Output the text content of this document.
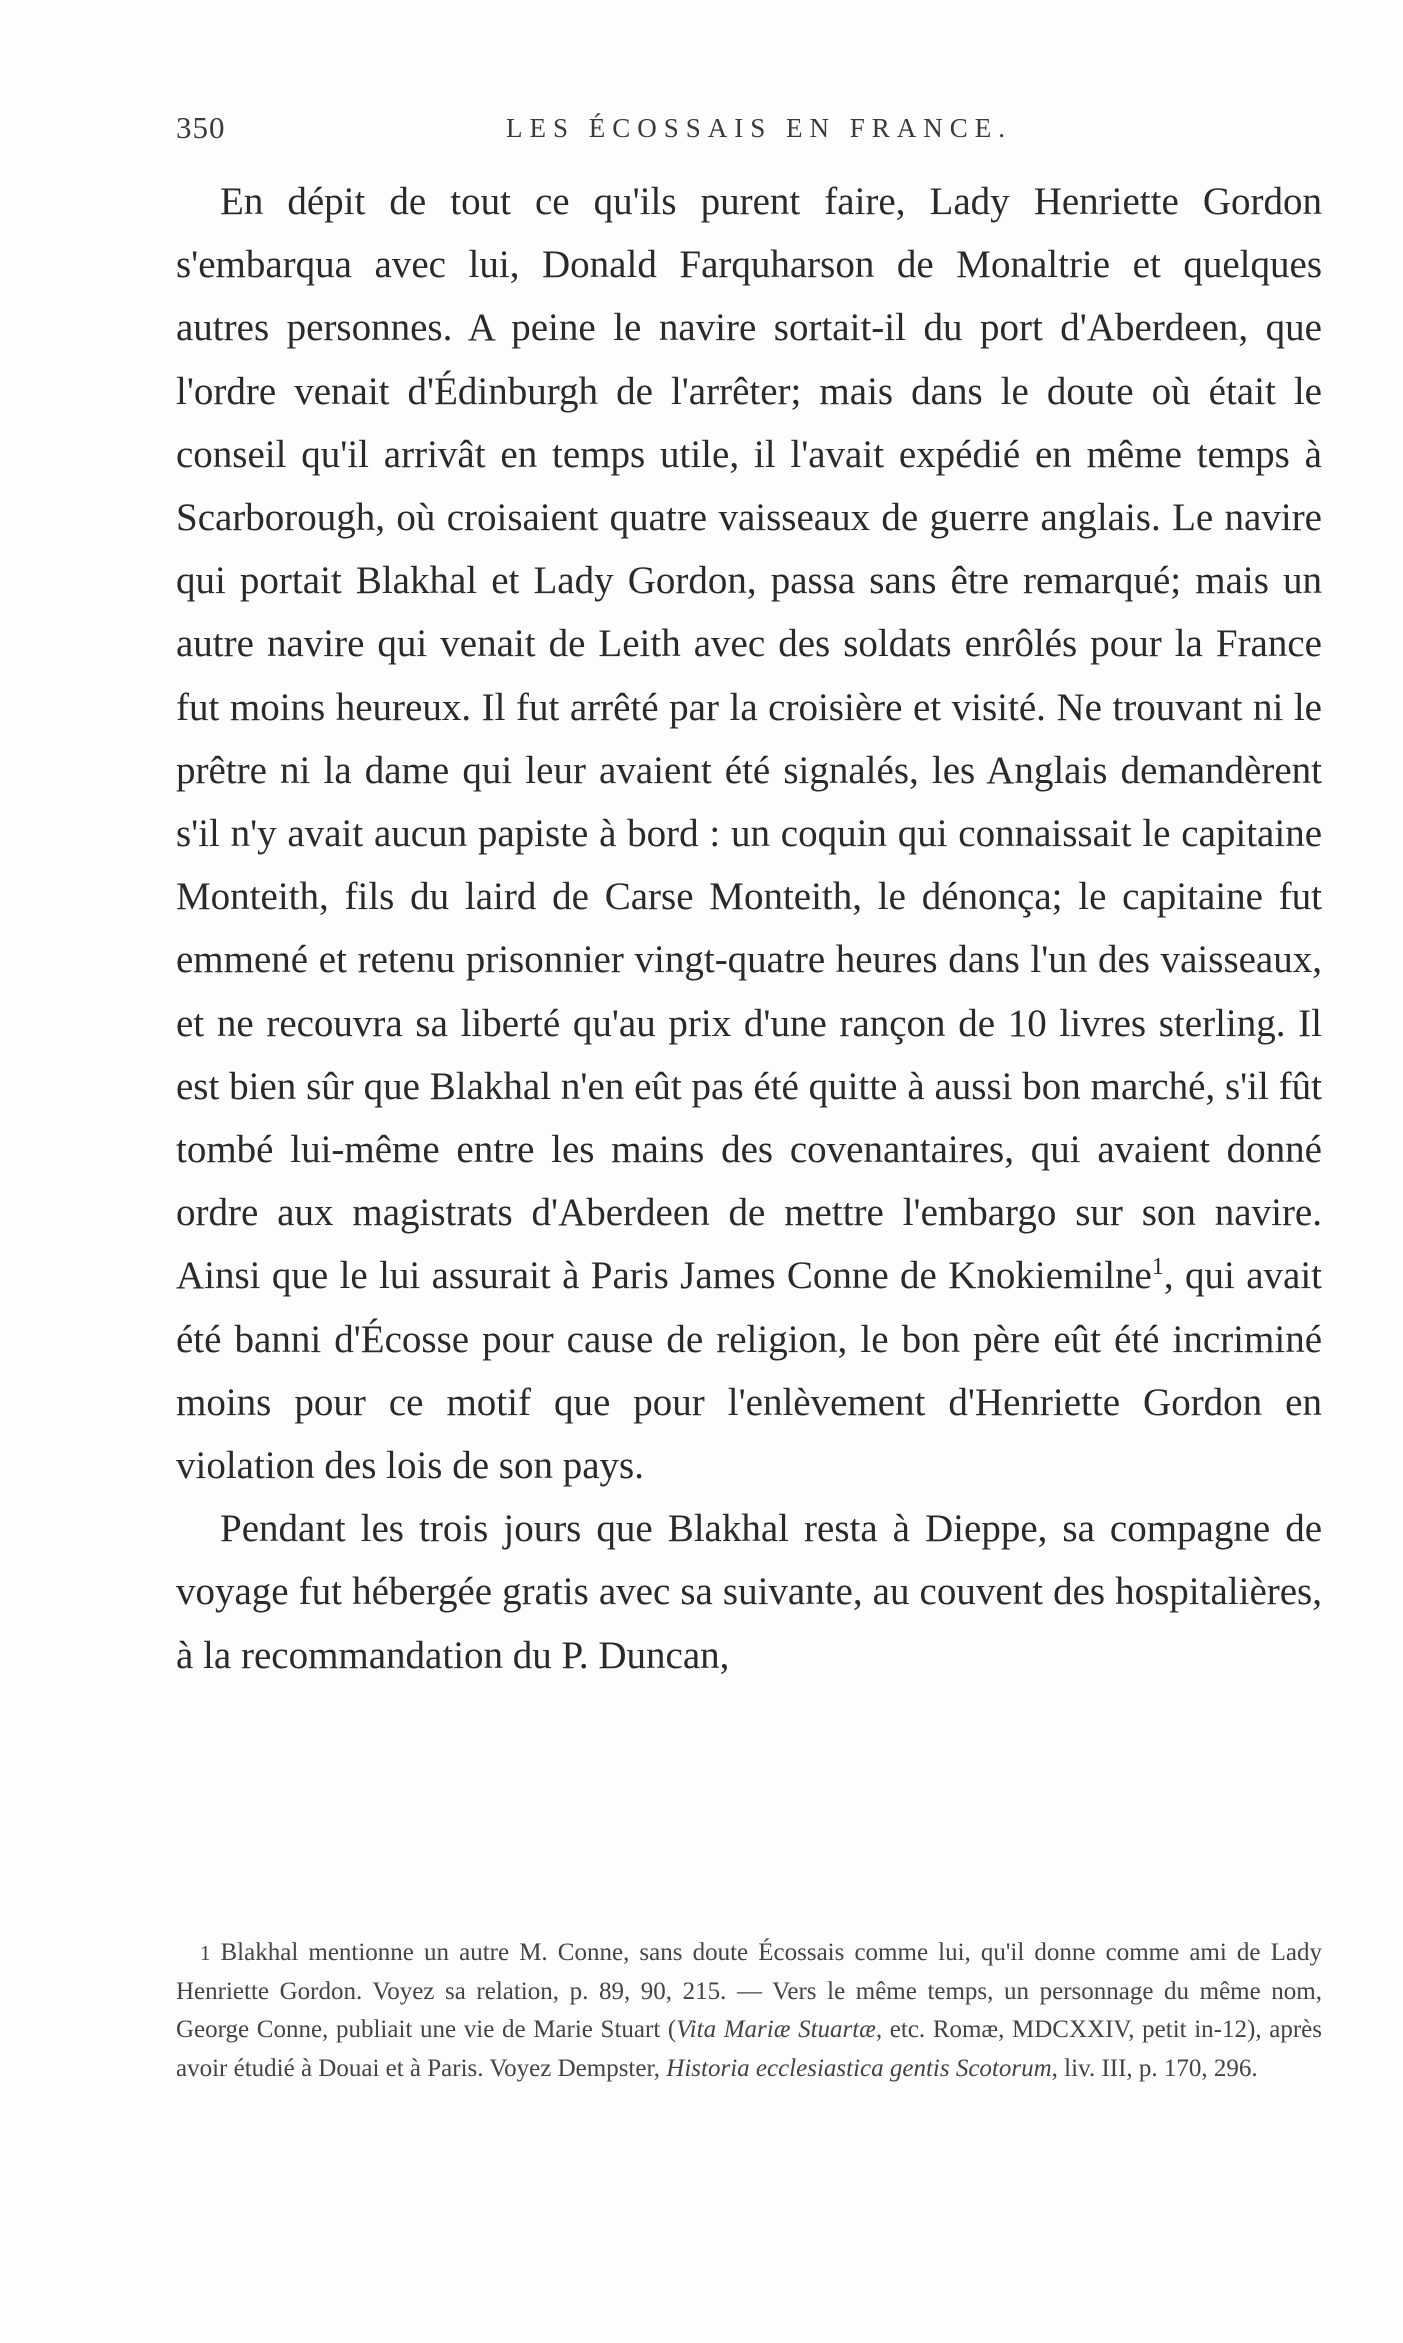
350	LES ÉCOSSAIS EN FRANCE.

En dépit de tout ce qu'ils purent faire, Lady Henriette Gordon s'embarqua avec lui, Donald Farquharson de Monaltrie et quelques autres personnes. A peine le navire sortait-il du port d'Aberdeen, que l'ordre venait d'Édinburgh de l'arrêter; mais dans le doute où était le conseil qu'il arrivât en temps utile, il l'avait expédié en même temps à Scarborough, où croisaient quatre vaisseaux de guerre anglais. Le navire qui portait Blakhal et Lady Gordon, passa sans être remarqué; mais un autre navire qui venait de Leith avec des soldats enrôlés pour la France fut moins heureux. Il fut arrêté par la croisière et visité. Ne trouvant ni le prêtre ni la dame qui leur avaient été signalés, les Anglais demandèrent s'il n'y avait aucun papiste à bord : un coquin qui connaissait le capitaine Monteith, fils du laird de Carse Monteith, le dénonça; le capitaine fut emmené et retenu prisonnier vingt-quatre heures dans l'un des vaisseaux, et ne recouvra sa liberté qu'au prix d'une rançon de 10 livres sterling. Il est bien sûr que Blakhal n'en eût pas été quitte à aussi bon marché, s'il fût tombé lui-même entre les mains des covenantaires, qui avaient donné ordre aux magistrats d'Aberdeen de mettre l'embargo sur son navire. Ainsi que le lui assurait à Paris James Conne de Knokiemilne$^1$, qui avait été banni d'Écosse pour cause de religion, le bon père eût été incriminé moins pour ce motif que pour l'enlèvement d'Henriette Gordon en violation des lois de son pays.

Pendant les trois jours que Blakhal resta à Dieppe, sa compagne de voyage fut hébergée gratis avec sa suivante, au couvent des hospitalières, à la recommandation du P. Duncan,

1 Blakhal mentionne un autre M. Conne, sans doute Écossais comme lui, qu'il donne comme ami de Lady Henriette Gordon. Voyez sa relation, p. 89, 90, 215. — Vers le même temps, un personnage du même nom, George Conne, publiait une vie de Marie Stuart (Vita Mariæ Stuartæ, etc. Romæ, MDCXXIV, petit in-12), après avoir étudié à Douai et à Paris. Voyez Dempster, Historia ecclesiastica gentis Scotorum, liv. III, p. 170, 296.
